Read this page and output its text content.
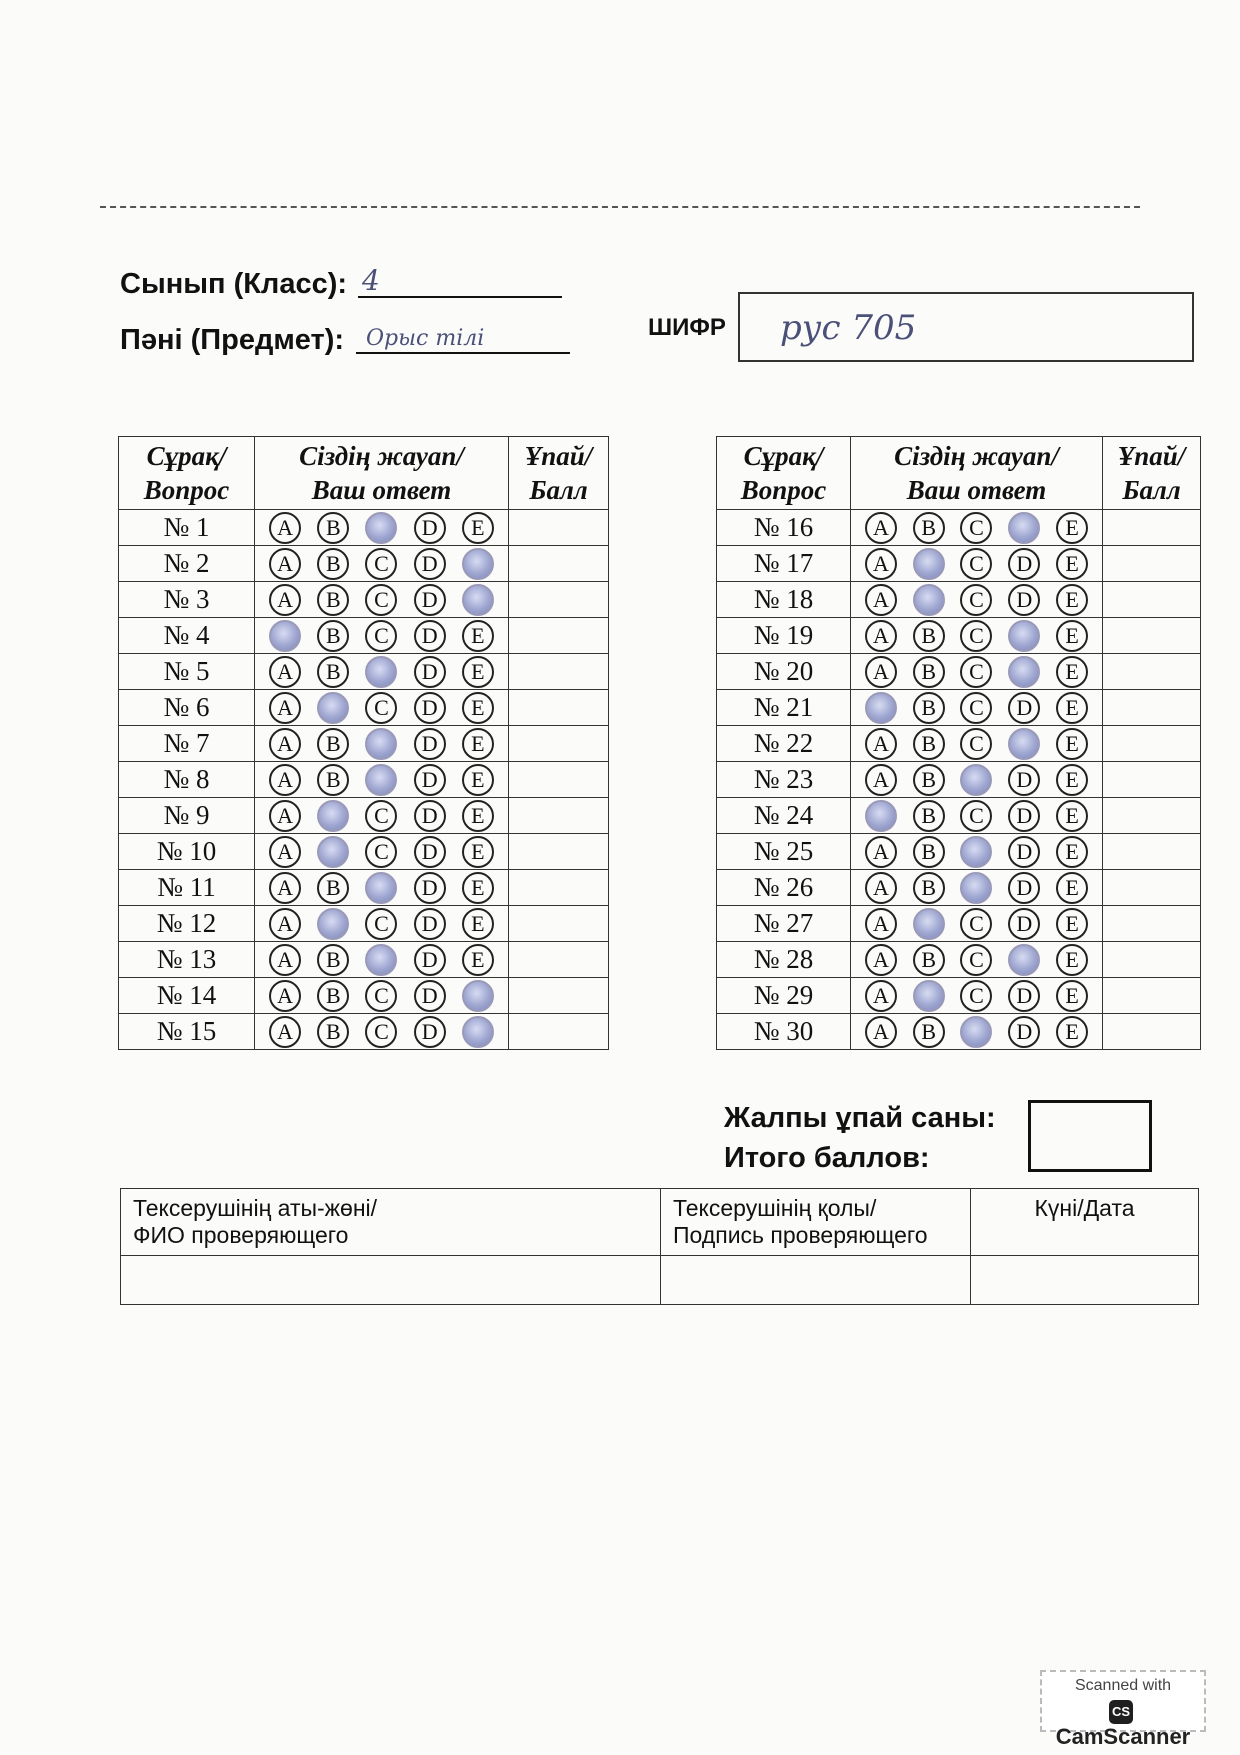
Сынып (Класс): 4
Пәні (Предмет): Орыс тілі	ШИФР рус 705
Сұрақ/
Вопрос	Сіздің жауап/
Ваш ответ	Ұпай/
Балл
№ 1	A B D E	

№ 2	A B C D	

№ 3	A B C D	

№ 4	B C D E	

№ 5	A B D E	

№ 6	A C D E	

№ 7	A B D E	

№ 8	A B D E	

№ 9	A C D E	

№ 10	A C D E	

№ 11	A B D E	

№ 12	A C D E	

№ 13	A B D E	

№ 14	A B C D	

№ 15	A B C D	

Сұрақ/
Вопрос	Сіздің жауап/
Ваш ответ	Ұпай/
Балл
№ 16	A B C E	

№ 17	A C D E	

№ 18	A C D E	

№ 19	A B C E	

№ 20	A B C E	

№ 21	B C D E	

№ 22	A B C E	

№ 23	A B D E	

№ 24	B C D E	

№ 25	A B D E	

№ 26	A B D E	

№ 27	A C D E	

№ 28	A B C E	

№ 29	A C D E	

№ 30	A B D E	

Жалпы ұпай саны:
Итого баллов:
Тексерушінің аты-жөні/
ФИО проверяющего	Тексерушінің қолы/
Подпись проверяющего	Күні/Дата

Scanned with
CSCamScanner
